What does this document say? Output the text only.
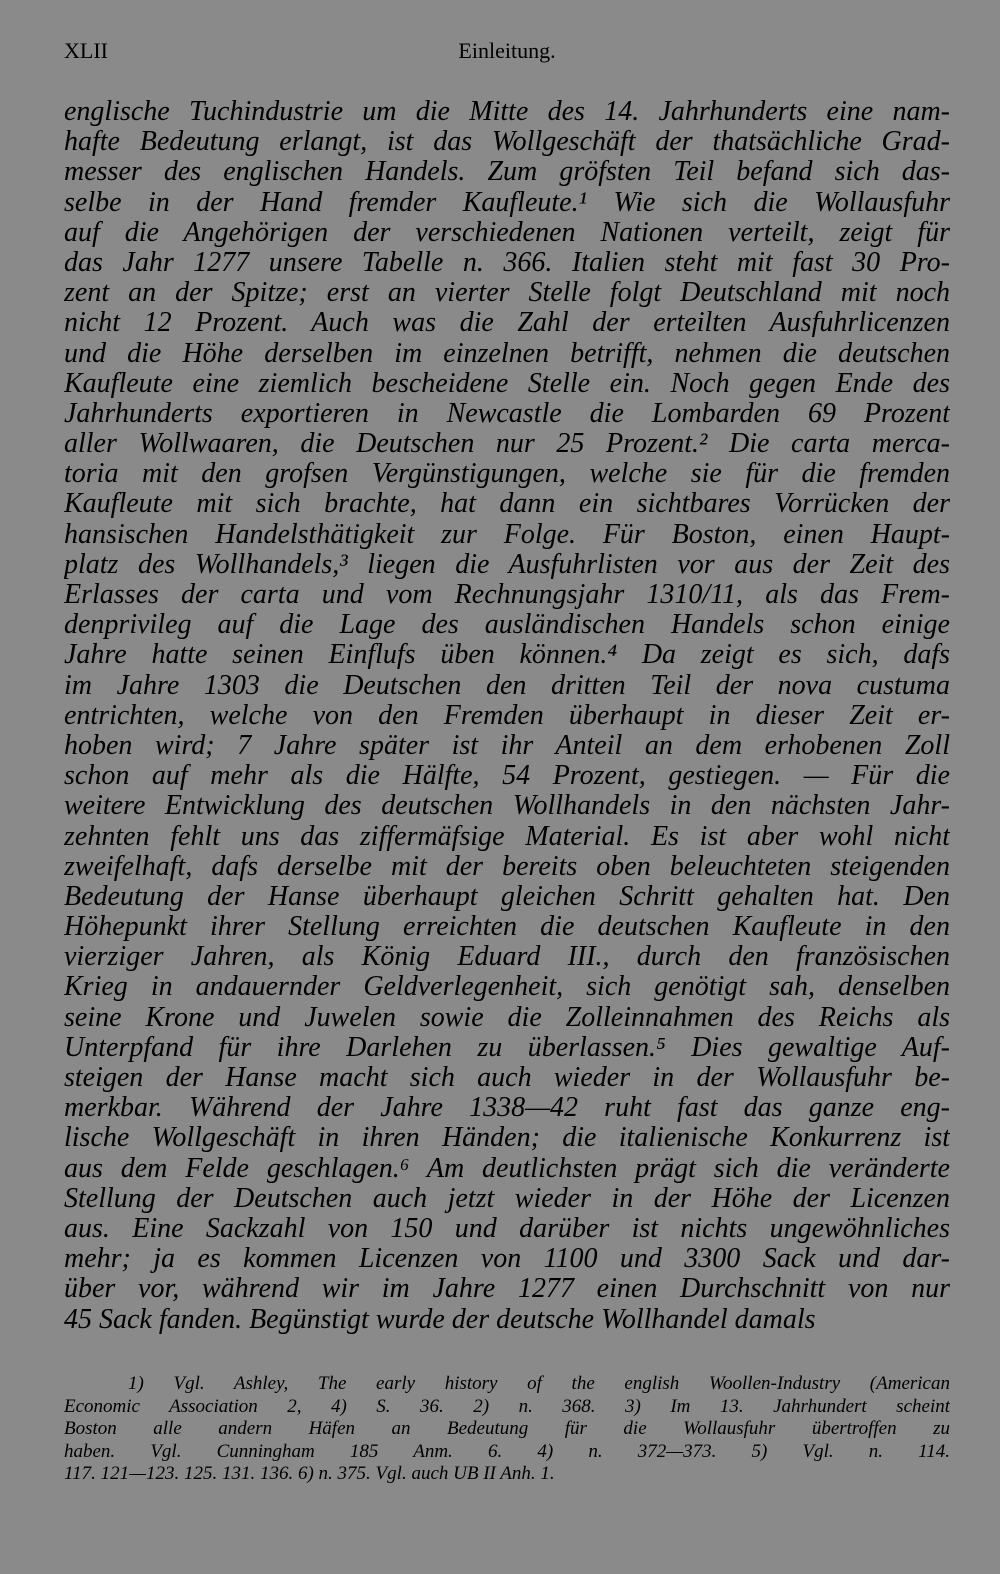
XLII	Einleitung.
englische Tuchindustrie um die Mitte des 14. Jahrhunderts eine nam-
hafte Bedeutung erlangt, ist das Wollgeschäft der thatsächliche Grad-
messer des englischen Handels. Zum gröfsten Teil befand sich das-
selbe in der Hand fremder Kaufleute.¹ Wie sich die Wollausfuhr
auf die Angehörigen der verschiedenen Nationen verteilt, zeigt für
das Jahr 1277 unsere Tabelle n. 366. Italien steht mit fast 30 Pro-
zent an der Spitze; erst an vierter Stelle folgt Deutschland mit noch
nicht 12 Prozent. Auch was die Zahl der erteilten Ausfuhrlicenzen
und die Höhe derselben im einzelnen betrifft, nehmen die deutschen
Kaufleute eine ziemlich bescheidene Stelle ein. Noch gegen Ende des
Jahrhunderts exportieren in Newcastle die Lombarden 69 Prozent
aller Wollwaaren, die Deutschen nur 25 Prozent.² Die carta merca-
toria mit den grofsen Vergünstigungen, welche sie für die fremden
Kaufleute mit sich brachte, hat dann ein sichtbares Vorrücken der
hansischen Handelsthätigkeit zur Folge. Für Boston, einen Haupt-
platz des Wollhandels,³ liegen die Ausfuhrlisten vor aus der Zeit des
Erlasses der carta und vom Rechnungsjahr 1310/11, als das Frem-
denprivileg auf die Lage des ausländischen Handels schon einige
Jahre hatte seinen Einflufs üben können.⁴ Da zeigt es sich, dafs
im Jahre 1303 die Deutschen den dritten Teil der nova custuma
entrichten, welche von den Fremden überhaupt in dieser Zeit er-
hoben wird; 7 Jahre später ist ihr Anteil an dem erhobenen Zoll
schon auf mehr als die Hälfte, 54 Prozent, gestiegen. — Für die
weitere Entwicklung des deutschen Wollhandels in den nächsten Jahr-
zehnten fehlt uns das ziffermäfsige Material. Es ist aber wohl nicht
zweifelhaft, dafs derselbe mit der bereits oben beleuchteten steigenden
Bedeutung der Hanse überhaupt gleichen Schritt gehalten hat. Den
Höhepunkt ihrer Stellung erreichten die deutschen Kaufleute in den
vierziger Jahren, als König Eduard III., durch den französischen
Krieg in andauernder Geldverlegenheit, sich genötigt sah, denselben
seine Krone und Juwelen sowie die Zolleinnahmen des Reichs als
Unterpfand für ihre Darlehen zu überlassen.⁵ Dies gewaltige Auf-
steigen der Hanse macht sich auch wieder in der Wollausfuhr be-
merkbar. Während der Jahre 1338—42 ruht fast das ganze eng-
lische Wollgeschäft in ihren Händen; die italienische Konkurrenz ist
aus dem Felde geschlagen.⁶ Am deutlichsten prägt sich die veränderte
Stellung der Deutschen auch jetzt wieder in der Höhe der Licenzen
aus. Eine Sackzahl von 150 und darüber ist nichts ungewöhnliches
mehr; ja es kommen Licenzen von 1100 und 3300 Sack und dar-
über vor, während wir im Jahre 1277 einen Durchschnitt von nur
45 Sack fanden. Begünstigt wurde der deutsche Wollhandel damals
1) Vgl. Ashley, The early history of the english Woollen-Industry (American
Economic Association 2, 4) S. 36. 2) n. 368. 3) Im 13. Jahrhundert scheint
Boston alle andern Häfen an Bedeutung für die Wollausfuhr übertroffen zu
haben. Vgl. Cunningham 185 Anm. 6. 4) n. 372—373. 5) Vgl. n. 114.
117. 121—123. 125. 131. 136. 6) n. 375. Vgl. auch UB II Anh. 1.
